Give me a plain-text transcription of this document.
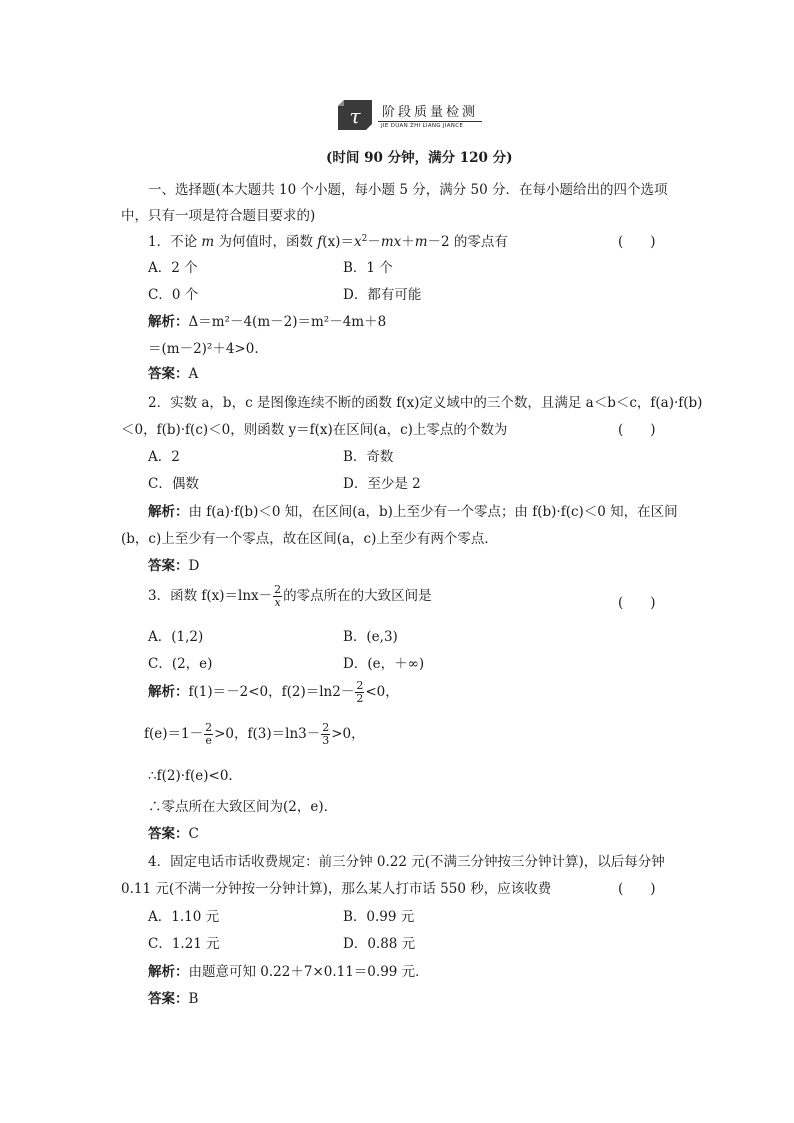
τ 阶段质量检测
JIE DUAN ZHI LIANG JIANCE
(时间 90 分钟，满分 120 分)
一、选择题(本大题共 10 个小题，每小题 5 分，满分 50 分．在每小题给出的四个选项
中，只有一项是符合题目要求的)
1．不论 m 为何值时，函数 $f(x)=x^2-mx+m-2$ 的零点有	(　　)
A．2 个	B．1 个
C．0 个	D．都有可能
解析：Δ＝m²－4(m－2)＝m²－4m＋8
＝(m－2)²＋4>0.
答案：A
2．实数 a，b，c 是图像连续不断的函数 f(x)定义域中的三个数，且满足 a＜b＜c，f(a)·f(b)
＜0，f(b)·f(c)＜0，则函数 y＝f(x)在区间(a，c)上零点的个数为	(　　)
A．2	B．奇数
C．偶数	D．至少是 2
解析：由 f(a)·f(b)＜0 知，在区间(a，b)上至少有一个零点；由 f(b)·f(c)＜0 知，在区间
(b，c)上至少有一个零点，故在区间(a，c)上至少有两个零点．
答案：D
3．函数 $f(x)=\ln x- \frac{2}{x}$ 的零点所在的大致区间是	(　　)
A．(1,2)	B．(e,3)
C．(2，e)	D．(e，＋∞)
解析：f(1)＝－2<0，$f(2)=\ln 2- \frac{2}{2} <0$，
$f(e)=1- \frac{2}{e} >0$，$f(3)=\ln 3- \frac{2}{3} >0$，
∴f(2)·f(e)<0.
∴零点所在大致区间为(2，e)．
答案：C
4．固定电话市话收费规定：前三分钟 0.22 元(不满三分钟按三分钟计算)，以后每分钟
0.11 元(不满一分钟按一分钟计算)，那么某人打市话 550 秒，应该收费	(　　)
A．1.10 元	B．0.99 元
C．1.21 元	D．0.88 元
解析：由题意可知 0.22＋7×0.11＝0.99 元．
答案：B
